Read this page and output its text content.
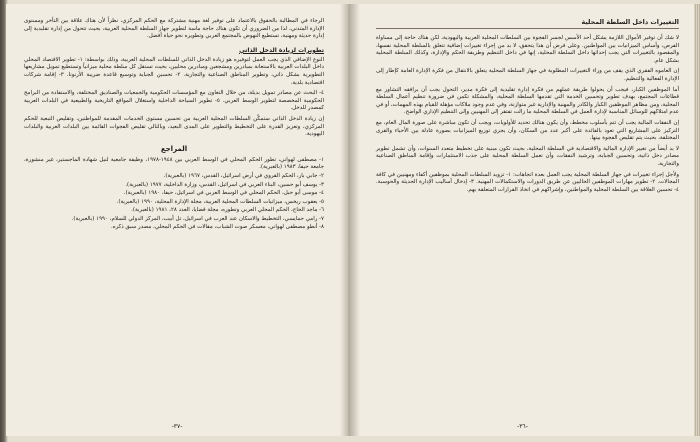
الرجاء في المطالبة بالحقوق بالاعتماد على توفير لغة مهنية مشتركة مع الحكم المركزي، نظراً لأن هناك علاقة بين التأخر ومستوى الإدارة المتدني، لذا من الضروري أن تكون هناك حاجة ماسة لتطوير جهاز السلطة المحلية العربية، بحيث تتحول من إدارة تقليدية إلى إدارة حديثة ومهنية، تستطيع النهوض بالمجتمع العربي وتطويره نحو حياة أفضل.

تطويرات لزيادة الدخل الذاتي

النوع الإضافي الذي يجب العمل لتوفيره هو زيادة الدخل الذاتي للسلطات المحلية العربية، وذلك بواسطة: ١- تطوير الاقتصاد المحلي داخل البلدات العربية بالاستعانة بمبادرين ومشجعين ومبادرين محليين، بحيث تستقل كل سلطة محلية ميزانياً وتستطيع تمويل مشاريعها التطويرية بشكل ذاتي، وتطوير المناطق الصناعية والتجارية. ٢- تحسين الجباية وتوسيع قاعدة ضريبة الأرنونا. ٣- إقامة شركات اقتصادية بلدية.

٤- البحث عن مصادر تمويل بديلة، من خلال التعاون مع المؤسسات الحكومية والجمعيات والصناديق المختلفة، والاستفادة من البرامج الحكومية المخصصة لتطوير الوسط العربي. ٥- تطوير السياحة الداخلية واستغلال المواقع التاريخية والطبيعية في البلدات العربية كمصدر للدخل.

إن زيادة الدخل الذاتي ستمكّن السلطات المحلية العربية من تحسين مستوى الخدمات المقدمة للمواطنين، وتقليص التبعية للحكم المركزي، وتعزيز القدرة على التخطيط والتطوير على المدى البعيد، وبالتالي تقليص الفجوات القائمة بين البلدات العربية والبلدات اليهودية.

المراجع
١- مصطفى لهواني، تطور الحكم المحلي في الوسط العربي بين ١٩٤٨-١٩٧٨، وظيفة جامعية لنيل شهادة الماجستير، غير منشورة، جامعة حيفا، ١٩٨٣ (بالعبرية).
٢- جابي بار، الحكم القروي في أرض اسرائيل، القدس، ١٩٦٧ (بالعبرية).
٣- يوسف أبو حسين، البناء العربي في اسرائيل، القدس، وزارة الداخلية، ١٩٧٧ (بالعبرية).
٤- موسى أبو حبل، الحكم المحلي في الوسط العربي في اسرائيل، حيفا، ١٩٨٠ (بالعبرية).
٥- يعقوب ريخس، ميزانيات السلطات المحلية العربية، مجلة الإدارة المحلية، ١٩٩٠ (بالعبرية).
٦- ماجد الحاج، الحكم المحلي العربي وتطوره، مجلة قضايا، العدد ٢٨، ١٩٨١ (بالعبرية).
٧- رامي حمايسي، التخطيط والاسكان عند العرب في اسرائيل، تل أبيب، المركز الدولي للسلام، ١٩٩٠ (بالعبرية).
٨- أنطو مصطفى لهواني، معسكر صوت الشباب، مقالات في الحكم المحلي، مصدر سبق ذكره.
-٣٧-
التغييرات داخل السلطة المحلية

لا شك أن توفير الأموال اللازمة يشكل أحد الأسس لجسر الفجوة بين السلطات المحلية العربية واليهودية، لكن هناك حاجة إلى مساواة الفرص، وأساس الميزانيات بين المواطنين. وعلى فرض أن هذا يتحقق، لا بد من إجراء تغييرات إضافية تتعلق بالسلطة المحلية نفسها، والمقصود بالتغييرات التي يجب إحداثها داخل السلطة المحلية، إنها في داخل التنظيم وطريقة الحكم والإدارة، وكذلك السلطة المحلية بشكل عام.

إن العاموه الفقري الذي يقف من وراء التغييرات المطلوبة في جهاز السلطة المحلية يتعلق بالانتقال من فكرة الإدارة العامة كإطار إلى الإدارة الفعالية والتنظيم.

أما الموظفين الكبار، فيجب أن يحولوا طريقة عملهم من فكرة إدارة تقليدية إلى فكرة مدير، التحول يجب أن يرافقه التشاور مع قطاعات المجتمع، بهدف تطوير وتحسين الخدمة التي تقدمها السلطة المحلية، والمشكلة تكمن في ضرورة تنظيم أعمال السلطة المحلية، ومن مظاهر الموظفين الكبار والكادر والمهنية والإدارية غير متوازنة، وفي عدم وجود ملاكات مؤهلة للقيام بهذه المهمات، أو في عدم امتلاكهم للوسائل المناسبة لإدارة العمل في السلطة المحلية ما زالت تفتقر إلى المهنيين وإلى التنظيم الإداري الواضح.

إن النفقات المالية يجب أن تتم بأسلوب مخطط، وأن يكون هنالك تحديد للأولويات، ويجب أن تكون مباشرة على صورة المال العام، مع التركيز على المشاريع التي تعود بالفائدة على أكبر عدد من السكان، وأن يجري توزيع الميزانيات بصورة عادلة بين الأحياء والقرى المختلفة، بحيث يتم تقليص الفجوة بينها.

لا بد أيضاً من تغيير الإدارة المالية والاقتصادية في السلطة المحلية، بحيث تكون مبنية على تخطيط متعدد السنوات، وأن تشمل تطوير مصادر دخل ذاتية، وتحسين الجباية، وترشيد النفقات، وأن تعمل السلطة المحلية على جذب الاستثمارات وإقامة المناطق الصناعية والتجارية.

ولأجل إجراء تغييرات في جهاز السلطة المحلية يجب العمل بعدة اتجاهات: ١- تزويد السلطات المحلية بموظفين أكفاء ومهنيين في كافة المجالات. ٢- تطوير مهارات الموظفين الحاليين عن طريق الدورات والاستكمالات المهنية. ٣- إدخال أساليب الإدارة الحديثة والحوسبة. ٤- تحسين العلاقة بين السلطة المحلية والمواطنين، وإشراكهم في اتخاذ القرارات المتعلقة بهم.

-٣٦-
